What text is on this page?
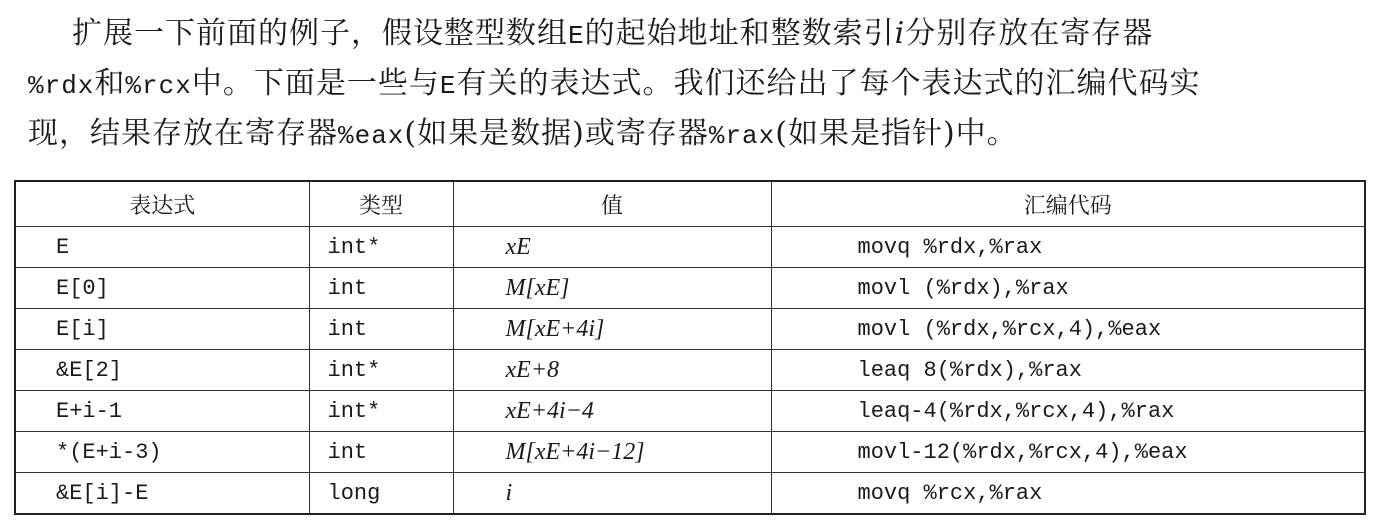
扩展一下前面的例子，假设整型数组E的起始地址和整数索引i分别存放在寄存器
%rdx和%rcx中。下面是一些与E有关的表达式。我们还给出了每个表达式的汇编代码实
现，结果存放在寄存器%eax(如果是数据)或寄存器%rax(如果是指针)中。
表达式	类型	值	汇编代码
E	int*	xE	movq %rdx,%rax
E[0]	int	M[xE]	movl (%rdx),%rax
E[i]	int	M[xE+4i]	movl (%rdx,%rcx,4),%eax
&E[2]	int*	xE+8	leaq 8(%rdx),%rax
E+i-1	int*	xE+4i−4	leaq-4(%rdx,%rcx,4),%rax
*(E+i-3)	int	M[xE+4i−12]	movl-12(%rdx,%rcx,4),%eax
&E[i]-E	long	i	movq %rcx,%rax
